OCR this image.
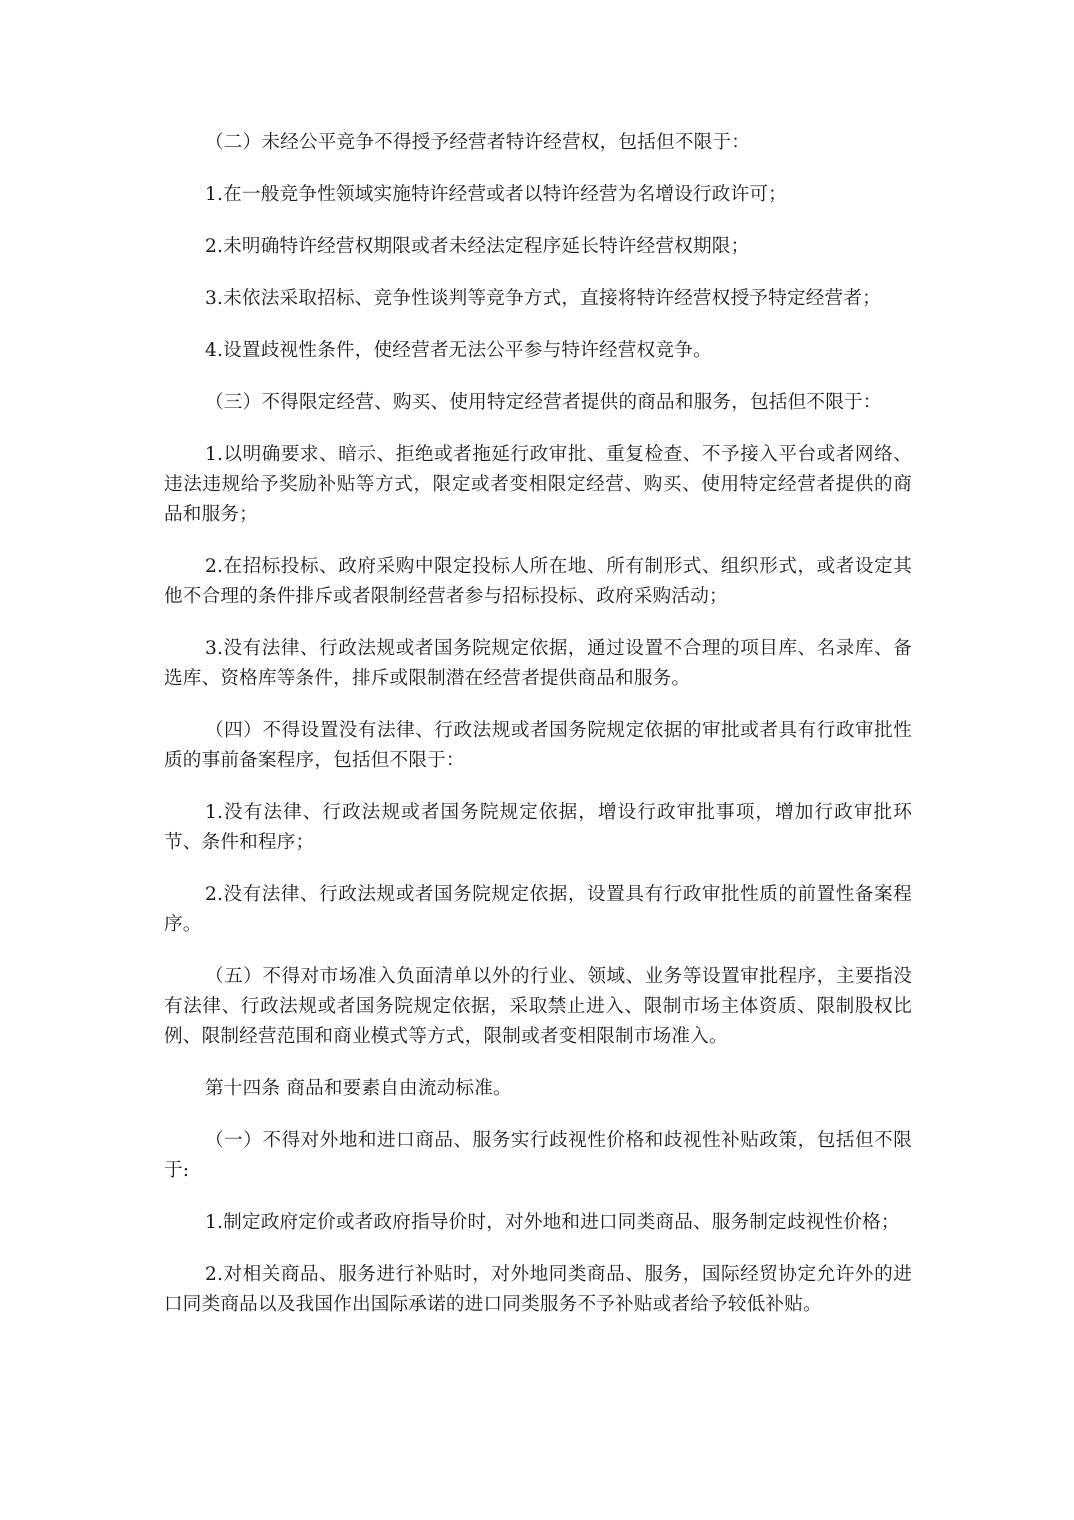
（二）未经公平竞争不得授予经营者特许经营权，包括但不限于：

1.在一般竞争性领域实施特许经营或者以特许经营为名增设行政许可；

2.未明确特许经营权期限或者未经法定程序延长特许经营权期限；

3.未依法采取招标、竞争性谈判等竞争方式，直接将特许经营权授予特定经营者；

4.设置歧视性条件，使经营者无法公平参与特许经营权竞争。

（三）不得限定经营、购买、使用特定经营者提供的商品和服务，包括但不限于：

1.以明确要求、暗示、拒绝或者拖延行政审批、重复检查、不予接入平台或者网络、违法违规给予奖励补贴等方式，限定或者变相限定经营、购买、使用特定经营者提供的商品和服务；

2.在招标投标、政府采购中限定投标人所在地、所有制形式、组织形式，或者设定其他不合理的条件排斥或者限制经营者参与招标投标、政府采购活动；

3.没有法律、行政法规或者国务院规定依据，通过设置不合理的项目库、名录库、备选库、资格库等条件，排斥或限制潜在经营者提供商品和服务。

（四）不得设置没有法律、行政法规或者国务院规定依据的审批或者具有行政审批性质的事前备案程序，包括但不限于：

1.没有法律、行政法规或者国务院规定依据，增设行政审批事项，增加行政审批环节、条件和程序；

2.没有法律、行政法规或者国务院规定依据，设置具有行政审批性质的前置性备案程序。

（五）不得对市场准入负面清单以外的行业、领域、业务等设置审批程序，主要指没有法律、行政法规或者国务院规定依据，采取禁止进入、限制市场主体资质、限制股权比例、限制经营范围和商业模式等方式，限制或者变相限制市场准入。

第十四条 商品和要素自由流动标准。

（一）不得对外地和进口商品、服务实行歧视性价格和歧视性补贴政策，包括但不限于:

1.制定政府定价或者政府指导价时，对外地和进口同类商品、服务制定歧视性价格；

2.对相关商品、服务进行补贴时，对外地同类商品、服务，国际经贸协定允许外的进口同类商品以及我国作出国际承诺的进口同类服务不予补贴或者给予较低补贴。
